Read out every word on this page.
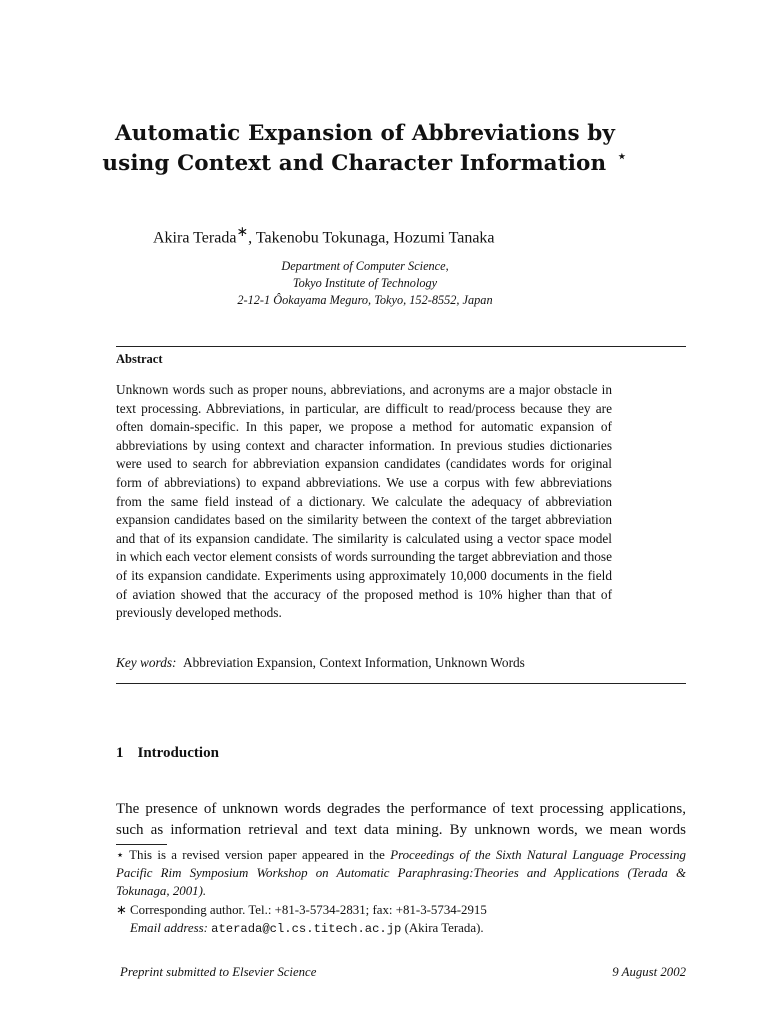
Automatic Expansion of Abbreviations by
using Context and Character Information ⋆
Akira Terada∗, Takenobu Tokunaga, Hozumi Tanaka
Department of Computer Science,
Tokyo Institute of Technology
2-12-1 Ôokayama Meguro, Tokyo, 152-8552, Japan
Abstract
Unknown words such as proper nouns, abbreviations, and acronyms are a major obstacle in text processing. Abbreviations, in particular, are difficult to read/process because they are often domain-specific. In this paper, we propose a method for automatic expansion of abbreviations by using context and character information. In previous studies dictionaries were used to search for abbreviation expansion candidates (candidates words for original form of abbreviations) to expand abbreviations. We use a corpus with few abbreviations from the same field instead of a dictionary. We calculate the adequacy of abbreviation expansion candidates based on the similarity between the context of the target abbreviation and that of its expansion candidate. The similarity is calculated using a vector space model in which each vector element consists of words surrounding the target abbreviation and those of its expansion candidate. Experiments using approximately 10,000 documents in the field of aviation showed that the accuracy of the proposed method is 10% higher than that of previously developed methods.
Key words: Abbreviation Expansion, Context Information, Unknown Words
1 Introduction
The presence of unknown words degrades the performance of text processing applications, such as information retrieval and text data mining. By unknown words, we mean words
⋆ This is a revised version paper appeared in the Proceedings of the Sixth Natural Language Processing Pacific Rim Symposium Workshop on Automatic Paraphrasing:Theories and Applications (Terada & Tokunaga, 2001).
∗ Corresponding author. Tel.: +81-3-5734-2831; fax: +81-3-5734-2915
Email address: aterada@cl.cs.titech.ac.jp (Akira Terada).
Preprint submitted to Elsevier Science	9 August 2002
